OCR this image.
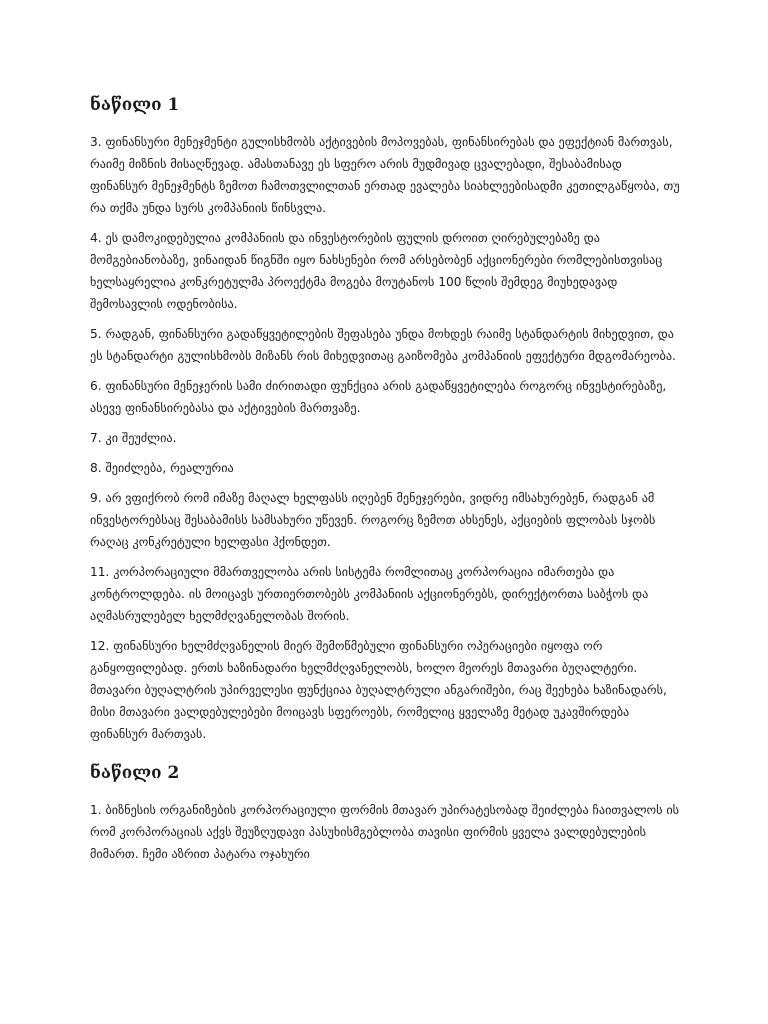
ნაწილი 1

3. ფინანსური მენეჯმენტი გულისხმობს აქტივების მოპოვებას, ფინანსირებას და ეფექტიან მართვას, რაიმე მიზნის მისაღწევად. ამასთანავე ეს სფერო არის მუდმივად ცვალებადი, შესაბამისად ფინანსურ მენეჯმენტს ზემოთ ჩამოთვლილთან ერთად ევალება სიახლეებისადმი კეთილგაწყობა, თუ რა თქმა უნდა სურს კომპანიის წინსვლა.

4. ეს დამოკიდებულია კომპანიის და ინვესტორების ფულის დროით ღირებულებაზე და მომგებიანობაზე, ვინაიდან წიგნში იყო ნახსენები რომ არსებობენ აქციონერები რომლებისთვისაც ხელსაყრელია კონკრეტულმა პროექტმა მოგება მოუტანოს 100 წლის შემდეგ მიუხედავად შემოსავლის ოდენობისა.

5. რადგან, ფინანსური გადაწყვეტილების შეფასება უნდა მოხდეს რაიმე სტანდარტის მიხედვით, და ეს სტანდარტი გულისხმობს მიზანს რის მიხედვითაც გაიზომება კომპანიის ეფექტური მდგომარეობა.

6. ფინანსური მენეჯერის სამი ძირითადი ფუნქცია არის გადაწყვეტილება როგორც ინვესტირებაზე, ასევე ფინანსირებასა და აქტივების მართვაზე.

7. კი შეუძლია.

8. შეიძლება, რეალურია

9. არ ვფიქრობ რომ იმაზე მაღალ ხელფასს იღებენ მენეჯერები, ვიდრე იმსახურებენ, რადგან ამ ინვესტორებსაც შესაბამისს სამსახური უწევენ. როგორც ზემოთ ახსენეს, აქციების ფლობას სჯობს რაღაც კონკრეტული ხელფასი ჰქონდეთ.

11. კორპორაციული მმართველობა არის სისტემა რომლითაც კორპორაცია იმართება და კონტროლდება. ის მოიცავს ურთიერთობებს კომპანიის აქციონერებს, დირექტორთა საბჭოს და აღმასრულებელ ხელმძღვანელობას შორის.

12. ფინანსური ხელმძღვანელის მიერ შემოწმებული ფინანსური ოპერაციები იყოფა ორ განყოფილებად. ერთს ხაზინადარი ხელმძღვანელობს, ხოლო მეორეს მთავარი ბუღალტერი. მთავარი ბუღალტრის უპირველესი ფუნქციაა ბუღალტრული ანგარიშები, რაც შეეხება ხაზინადარს, მისი მთავარი ვალდებულებები მოიცავს სფეროებს, რომელიც ყველაზე მეტად უკავშირდება ფინანსურ მართვას.

ნაწილი 2

1. ბიზნესის ორგანიზების კორპორაციული ფორმის მთავარ უპირატესობად შეიძლება ჩაითვალოს ის რომ კორპორაციას აქვს შეუზღუდავი პასუხისმგებლობა თავისი ფირმის ყველა ვალდებულების მიმართ. ჩემი აზრით პატარა ოჯახური
